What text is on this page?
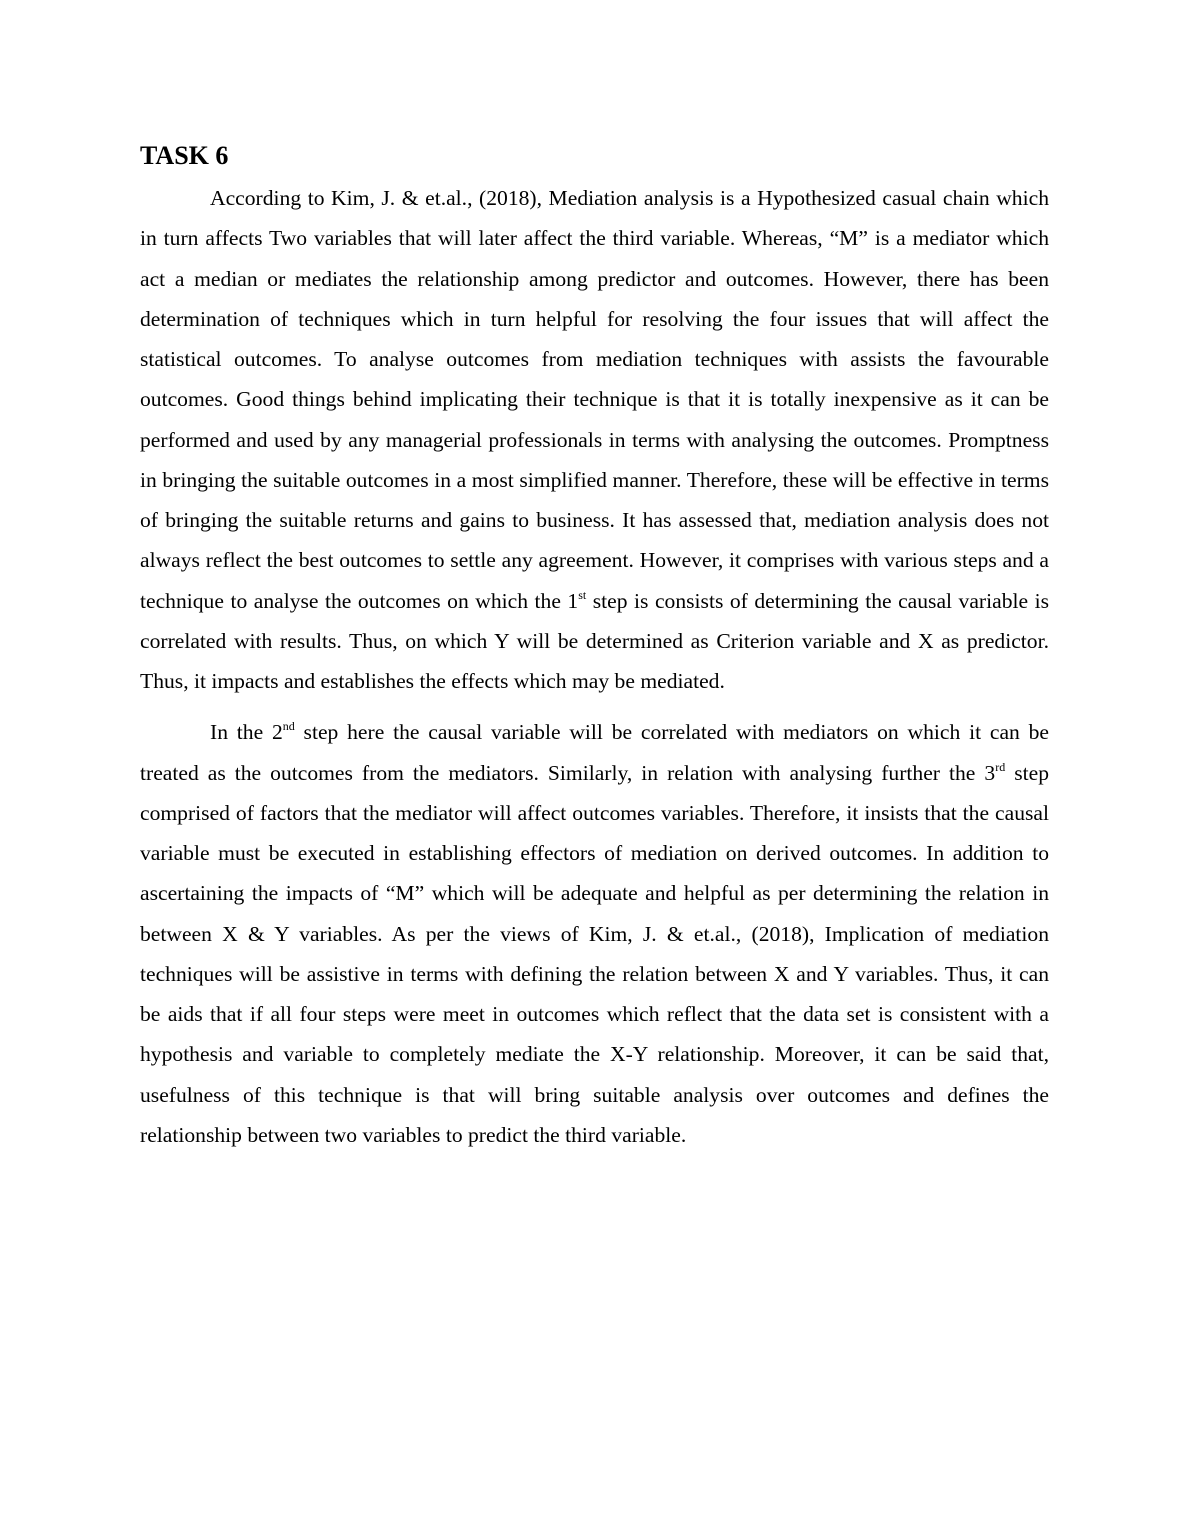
TASK 6

According to Kim, J. & et.al., (2018), Mediation analysis is a Hypothesized casual chain which in turn affects Two variables that will later affect the third variable. Whereas, “M” is a mediator which act a median or mediates the relationship among predictor and outcomes. However, there has been determination of techniques which in turn helpful for resolving the four issues that will affect the statistical outcomes. To analyse outcomes from mediation techniques with assists the favourable outcomes. Good things behind implicating their technique is that it is totally inexpensive as it can be performed and used by any managerial professionals in terms with analysing the outcomes. Promptness in bringing the suitable outcomes in a most simplified manner. Therefore, these will be effective in terms of bringing the suitable returns and gains to business. It has assessed that, mediation analysis does not always reflect the best outcomes to settle any agreement. However, it comprises with various steps and a technique to analyse the outcomes on which the 1st step is consists of determining the causal variable is correlated with results. Thus, on which Y will be determined as Criterion variable and X as predictor. Thus, it impacts and establishes the effects which may be mediated.

In the 2nd step here the causal variable will be correlated with mediators on which it can be treated as the outcomes from the mediators. Similarly, in relation with analysing further the 3rd step comprised of factors that the mediator will affect outcomes variables. Therefore, it insists that the causal variable must be executed in establishing effectors of mediation on derived outcomes. In addition to ascertaining the impacts of “M” which will be adequate and helpful as per determining the relation in between X & Y variables. As per the views of Kim, J. & et.al., (2018), Implication of mediation techniques will be assistive in terms with defining the relation between X and Y variables. Thus, it can be aids that if all four steps were meet in outcomes which reflect that the data set is consistent with a hypothesis and variable to completely mediate the X-Y relationship. Moreover, it can be said that, usefulness of this technique is that will bring suitable analysis over outcomes and defines the relationship between two variables to predict the third variable.
